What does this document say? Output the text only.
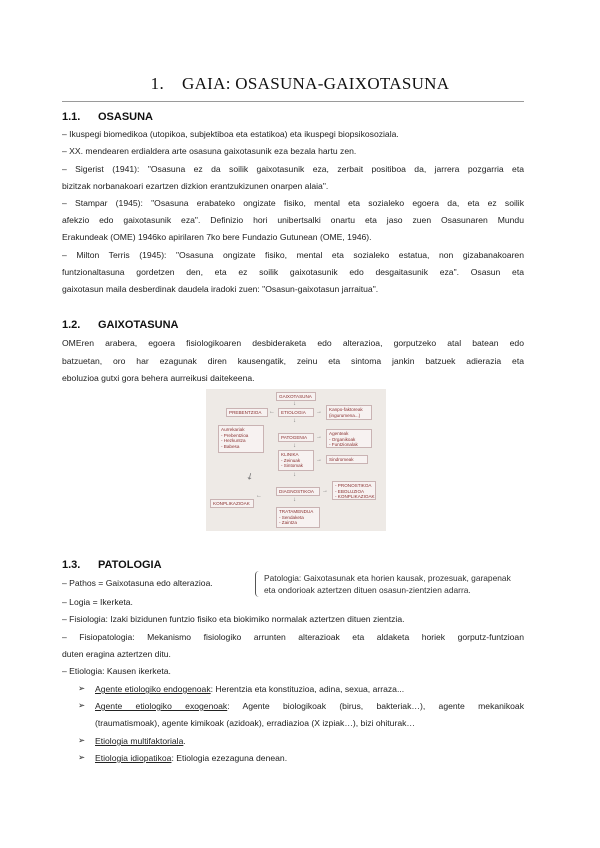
1. GAIA: OSASUNA-GAIXOTASUNA
1.1. OSASUNA
– Ikuspegi biomedikoa (utopikoa, subjektiboa eta estatikoa) eta ikuspegi biopsikosoziala.
– XX. mendearen erdialdera arte osasuna gaixotasunik eza bezala hartu zen.
– Sigerist (1941): "Osasuna ez da soilik gaixotasunik eza, zerbait positiboa da, jarrera pozgarria eta
bizitzak norbanakoari ezartzen dizkion erantzukizunen onarpen alaia".
– Stampar (1945): "Osasuna erabateko ongizate fisiko, mental eta sozialeko egoera da, eta ez soilik
afekzio edo gaixotasunik eza". Definizio hori unibertsalki onartu eta jaso zuen Osasunaren Mundu
Erakundeak (OME) 1946ko apirilaren 7ko bere Fundazio Gutunean (OME, 1946).
– Milton Terris (1945): "Osasuna ongizate fisiko, mental eta sozialeko estatua, non gizabanakoaren
funtzionaltasuna gordetzen den, eta ez soilik gaixotasunik edo desgaitasunik eza". Osasun eta
gaixotasun maila desberdinak daudela iradoki zuen: "Osasun-gaixotasun jarraitua".
1.2. GAIXOTASUNA
OMEren arabera, egoera fisiologikoaren desbideraketa edo alterazioa, gorputzeko atal batean edo
batzuetan, oro har ezagunak diren kausengatik, zeinu eta sintoma jankin batzuek adierazia eta
eboluzioa gutxi gora behera aurreikusi daitekeena.
GAIXOTASUNA
↓
PREBENTZIOA	←	ETIOLOGIA	→ Kanpo-faktoreak
(ingurumena...)
↓
Aurrekariak
- Prebentzioa
- Hezkuntza
- Babesa
PATOGENIA	→
Agenteak
- Organikoak
- Funtzionalak
↓
KLINIKA
- Zeinuak
- Sintomak
→	Sindromeak
↓
DIAGNOSTIKOA	→
- PRONOSTIKOA
- EBOLUZIOA
- KONPLIKAZIOAK
↙
KONPLIKAZIOAK
←
↓
TRATAMENDUA
- Sendaketa
- Zaintza
1.3. PATOLOGIA
– Pathos = Gaixotasuna edo alterazioa.	Patologia: Gaixotasunak eta horien kausak, prozesuak, garapenak
eta ondorioak aztertzen dituen osasun-zientzien adarra.
– Logia = Ikerketa.
– Fisiologia: Izaki bizidunen funtzio fisiko eta biokimiko normalak aztertzen dituen zientzia.
– Fisiopatologia: Mekanismo fisiologiko arrunten alterazioak eta aldaketa horiek gorputz-funtzioan
duten eragina aztertzen ditu.
– Etiologia: Kausen ikerketa.
➢ Agente etiologiko endogenoak: Herentzia eta konstituzioa, adina, sexua, arraza...
➢ Agente etiologiko exogenoak: Agente biologikoak (birus, bakteriak…), agente mekanikoak
(traumatismoak), agente kimikoak (azidoak), erradiazioa (X izpiak…), bizi ohiturak…
➢ Etiologia multifaktoriala.
➢ Etiologia idiopatikoa: Etiologia ezezaguna denean.
